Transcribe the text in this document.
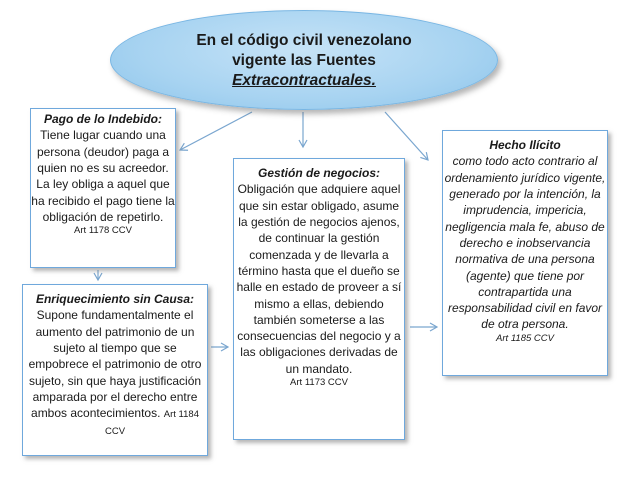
En el código civil venezolano
vigente las Fuentes
Extracontractuales.
Pago de lo Indebido:
Tiene lugar cuando una persona (deudor) paga a quien no es su acreedor. La ley obliga a aquel que ha recibido el pago tiene la obligación de repetirlo.
Art 1178 CCV
Enriquecimiento sin Causa:
Supone fundamentalmente el aumento del patrimonio de un sujeto al tiempo que se empobrece el patrimonio de otro sujeto, sin que haya justificación amparada por el derecho entre ambos acontecimientos. Art 1184 CCV
Gestión de negocios:
Obligación que adquiere aquel que sin estar obligado, asume la gestión de negocios ajenos, de continuar la gestión comenzada y de llevarla a término hasta que el dueño se halle en estado de proveer a sí mismo a ellas, debiendo también someterse a las consecuencias del negocio y a las obligaciones derivadas de un mandato.
Art 1173 CCV
Hecho Ilícito
como todo acto contrario al ordenamiento jurídico vigente, generado por la intención, la imprudencia, impericia, negligencia mala fe, abuso de derecho e inobservancia normativa de una persona (agente) que tiene por contrapartida una responsabilidad civil en favor de otra persona.
Art 1185 CCV
